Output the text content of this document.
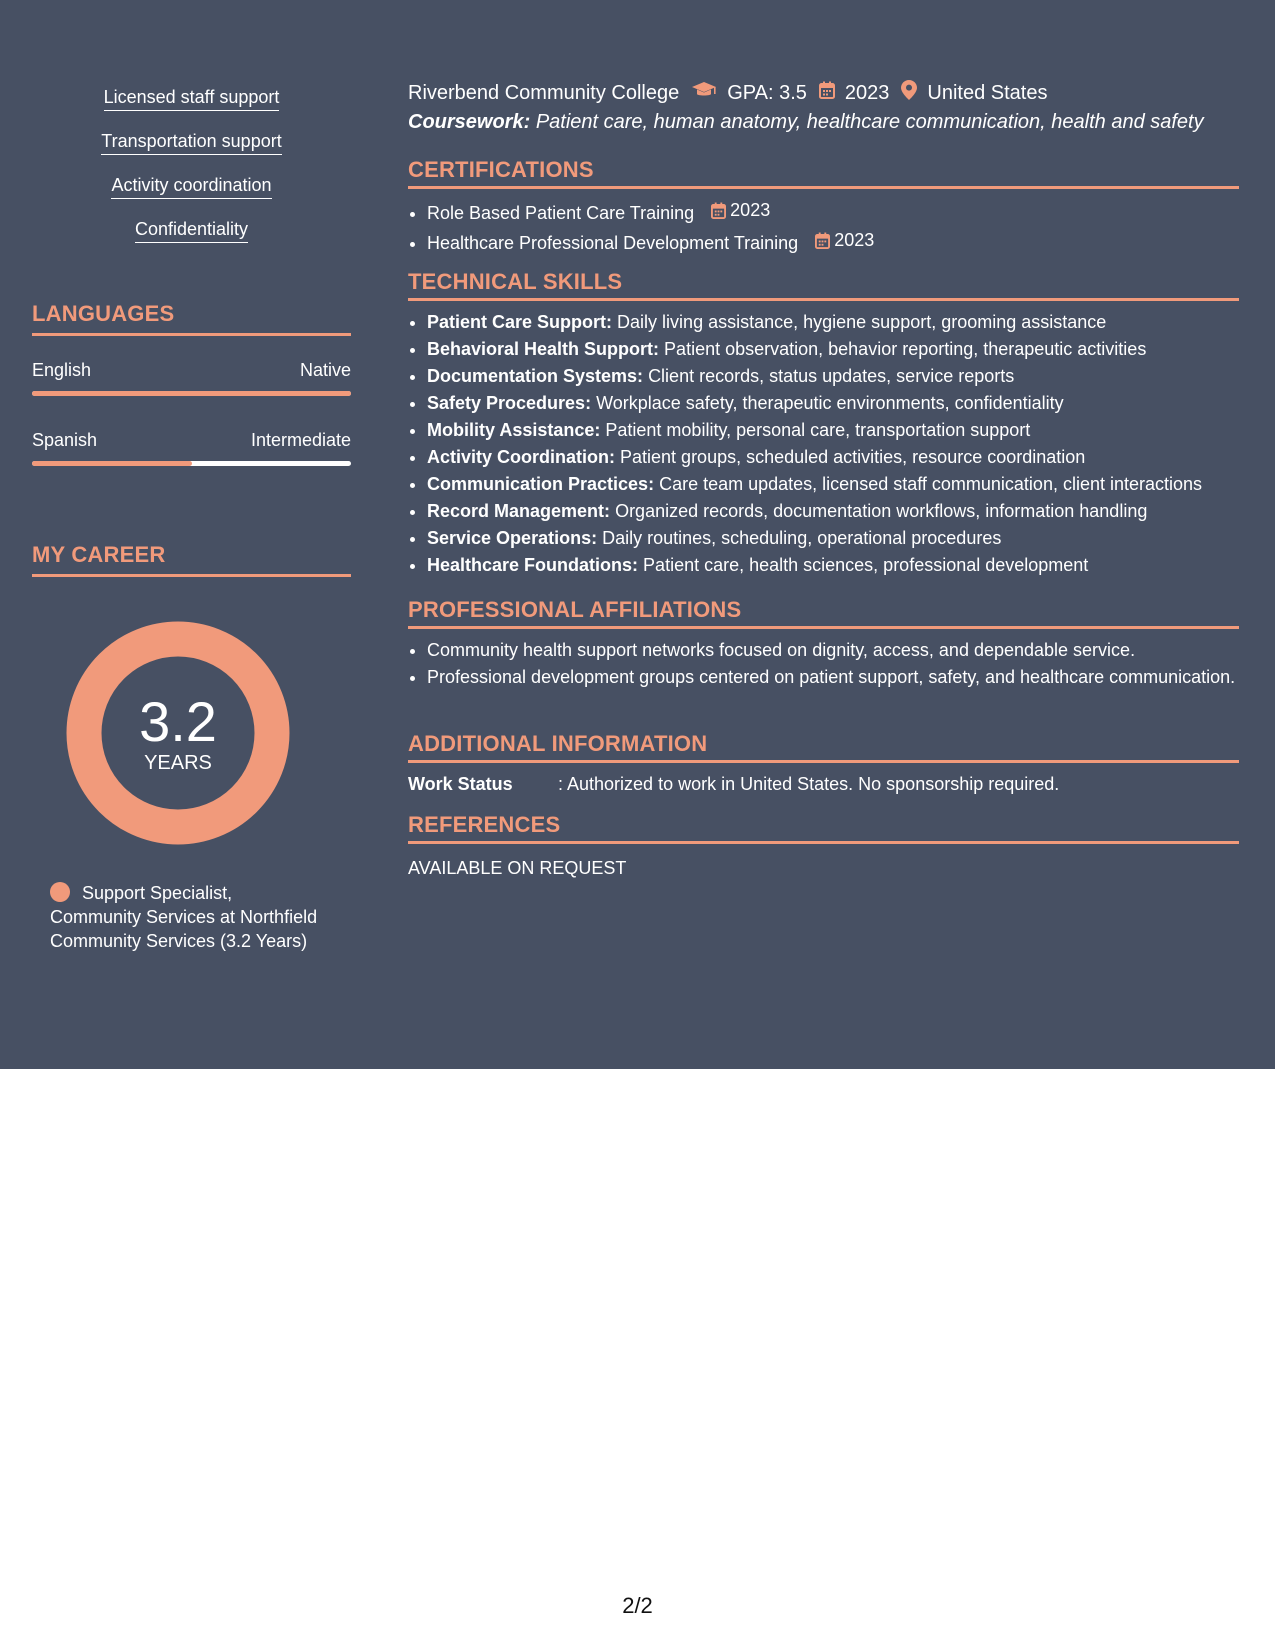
Licensed staff support
Transportation support
Activity coordination
Confidentiality
LANGUAGES
English	Native
Spanish	Intermediate
MY CAREER
3.2
YEARS
Support Specialist, Community Services at Northfield Community Services (3.2 Years)
Riverbend Community College GPA: 3.5 2023 United States
Coursework: Patient care, human anatomy, healthcare communication, health and safety
CERTIFICATIONS
• Role Based Patient Care Training 2023
• Healthcare Professional Development Training 2023
TECHNICAL SKILLS
• Patient Care Support: Daily living assistance, hygiene support, grooming assistance
• Behavioral Health Support: Patient observation, behavior reporting, therapeutic activities
• Documentation Systems: Client records, status updates, service reports
• Safety Procedures: Workplace safety, therapeutic environments, confidentiality
• Mobility Assistance: Patient mobility, personal care, transportation support
• Activity Coordination: Patient groups, scheduled activities, resource coordination
• Communication Practices: Care team updates, licensed staff communication, client interactions
• Record Management: Organized records, documentation workflows, information handling
• Service Operations: Daily routines, scheduling, operational procedures
• Healthcare Foundations: Patient care, health sciences, professional development
PROFESSIONAL AFFILIATIONS
• Community health support networks focused on dignity, access, and dependable service.
• Professional development groups centered on patient support, safety, and healthcare communication.
ADDITIONAL INFORMATION
Work Status	: Authorized to work in United States. No sponsorship required.
REFERENCES
AVAILABLE ON REQUEST
2/2
